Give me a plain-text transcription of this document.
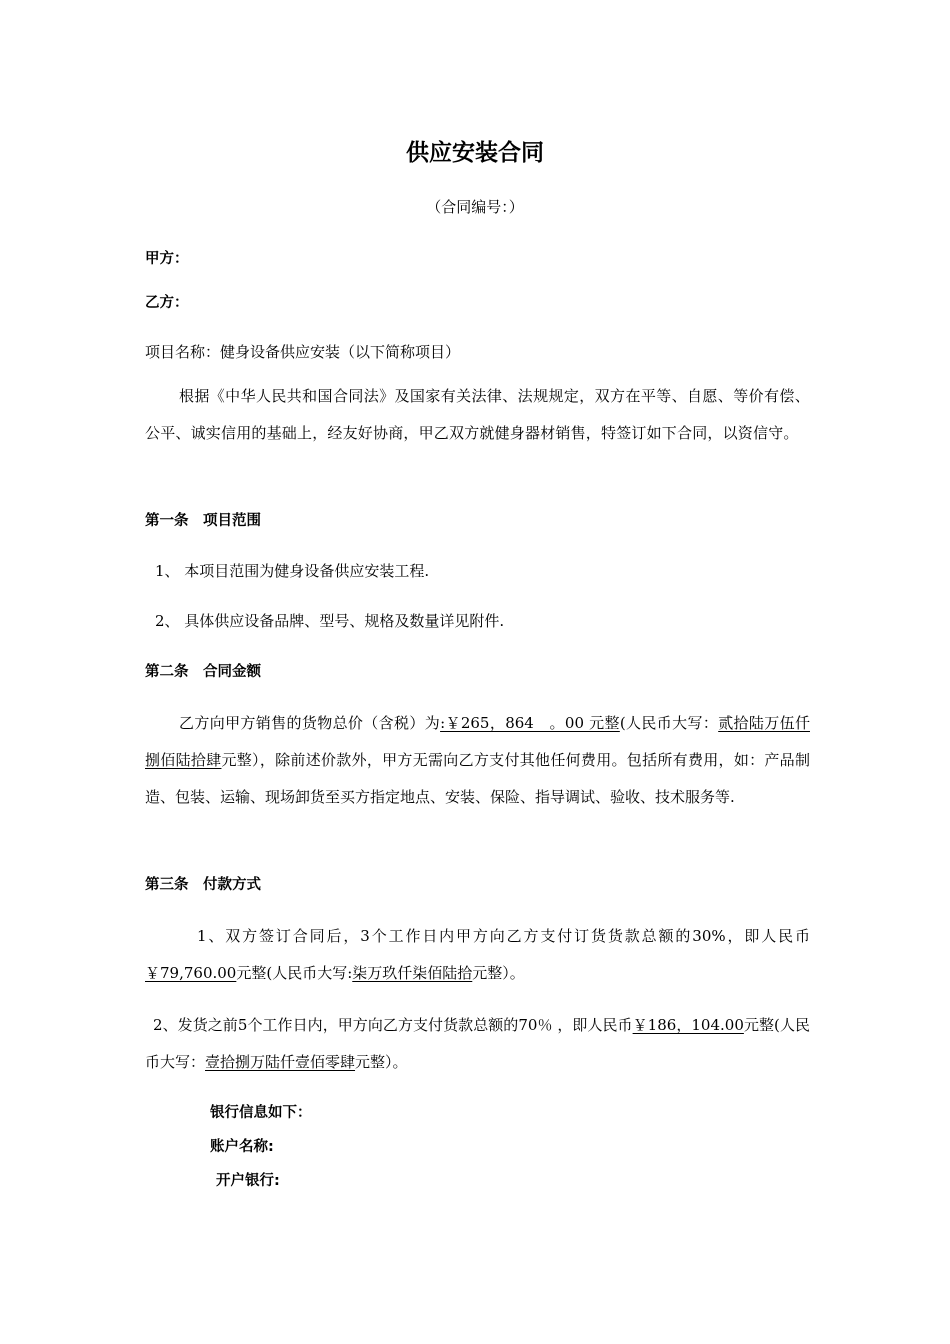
供应安装合同
（合同编号：）
甲方：
乙方：
项目名称：健身设备供应安装（以下简称项目）
根据《中华人民共和国合同法》及国家有关法律、法规规定，双方在平等、自愿、等价有偿、公平、诚实信用的基础上，经友好协商，甲乙双方就健身器材销售，特签订如下合同，以资信守。
第一条　项目范围
1、 本项目范围为健身设备供应安装工程.
2、 具体供应设备品牌、型号、规格及数量详见附件.
第二条　合同金额
乙方向甲方销售的货物总价（含税）为:￥265，864　。00 元整(人民币大写：贰拾陆万伍仟捌佰陆拾肆元整），除前述价款外，甲方无需向乙方支付其他任何费用。包括所有费用，如：产品制造、包装、运输、现场卸货至买方指定地点、安装、保险、指导调试、验收、技术服务等.
第三条　付款方式
1、双方签订合同后，3个工作日内甲方向乙方支付订货货款总额的30%，即人民币￥79,760.00元整(人民币大写:柒万玖仟柒佰陆拾元整）。
2、发货之前5个工作日内，甲方向乙方支付货款总额的70％ ，即人民币￥186，104.00元整(人民币大写：壹拾捌万陆仟壹佰零肆元整）。
银行信息如下：
账户名称:
开户银行:
